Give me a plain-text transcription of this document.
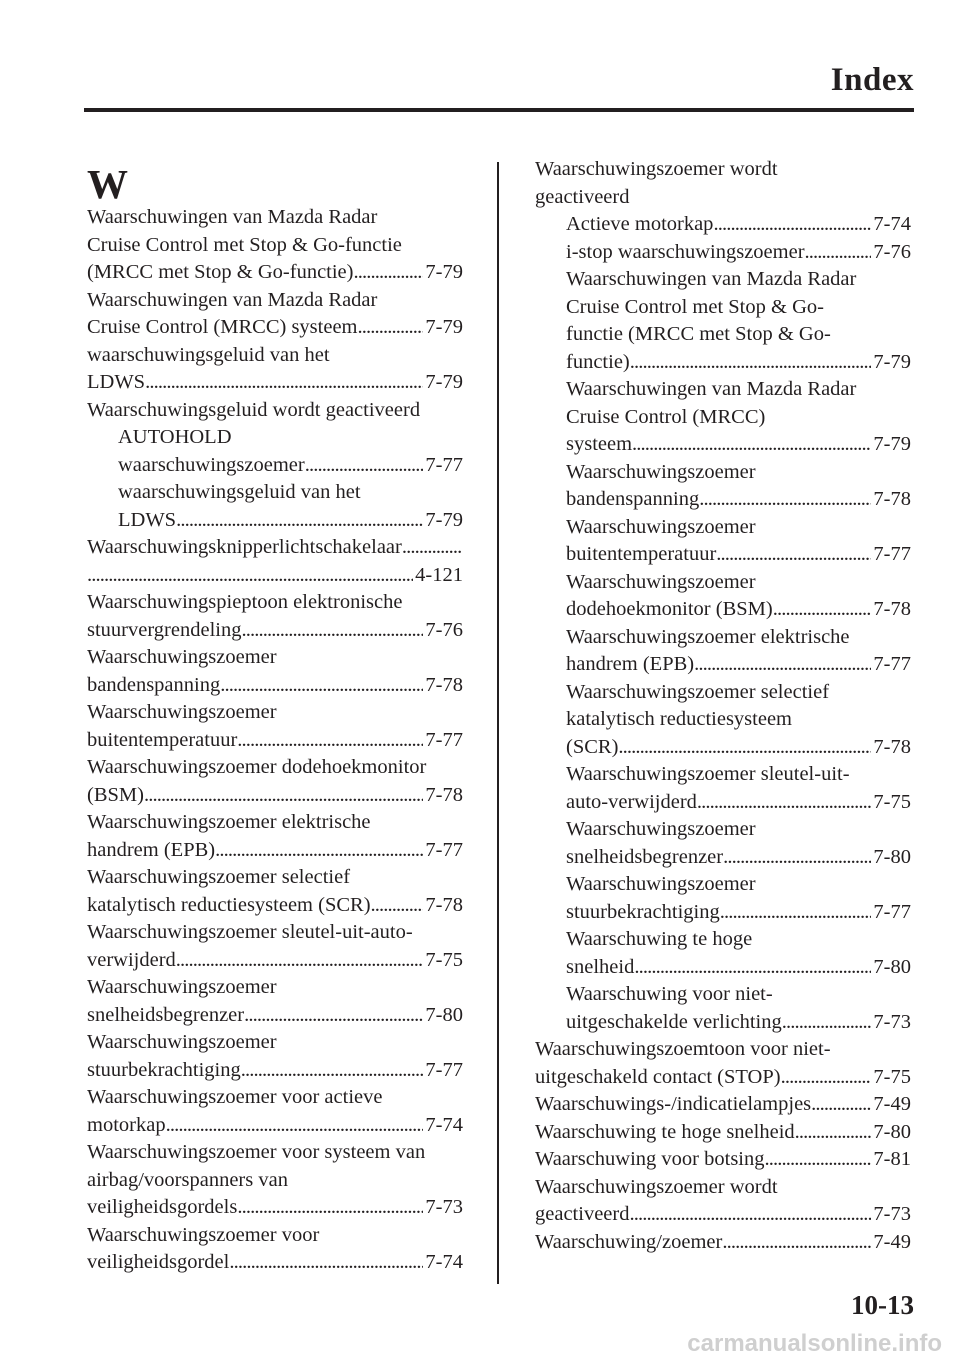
Index
W
Waarschuwingen van Mazda Radar
Cruise Control met Stop & Go-functie
(MRCC met Stop & Go-functie) . . .	7-79
Waarschuwingen van Mazda Radar
Cruise Control (MRCC) systeem . . .	7-79
waarschuwingsgeluid van het
LDWS . . .	7-79
Waarschuwingsgeluid wordt geactiveerd
AUTOHOLD
waarschuwingszoemer . . .	7-77
waarschuwingsgeluid van het
LDWS . . .	7-79
Waarschuwingsknipperlichtschakelaar
. . .
. . .
4-121
Waarschuwingspieptoon elektronische
stuurvergrendeling . . .	7-76
Waarschuwingszoemer
bandenspanning . . .	7-78
Waarschuwingszoemer
buitentemperatuur . . .	7-77
Waarschuwingszoemer dodehoekmonitor
(BSM) . . .	7-78
Waarschuwingszoemer elektrische
handrem (EPB) . . .	7-77
Waarschuwingszoemer selectief
katalytisch reductiesysteem (SCR) . . .	7-78
Waarschuwingszoemer sleutel-uit-auto-
verwijderd . . .	7-75
Waarschuwingszoemer
snelheidsbegrenzer . . .	7-80
Waarschuwingszoemer
stuurbekrachtiging . . .	7-77
Waarschuwingszoemer voor actieve
motorkap . . .	7-74
Waarschuwingszoemer voor systeem van
airbag/voorspanners van
veiligheidsgordels . . .	7-73
Waarschuwingszoemer voor
veiligheidsgordel . . .	7-74
Waarschuwingszoemer wordt
geactiveerd
Actieve motorkap . . .	7-74
i-stop waarschuwingszoemer . . .	7-76
Waarschuwingen van Mazda Radar
Cruise Control met Stop & Go-
functie (MRCC met Stop & Go-
functie) . . .	7-79
Waarschuwingen van Mazda Radar
Cruise Control (MRCC)
systeem . . .	7-79
Waarschuwingszoemer
bandenspanning . . .	7-78
Waarschuwingszoemer
buitentemperatuur . . .	7-77
Waarschuwingszoemer
dodehoekmonitor (BSM) . . .	7-78
Waarschuwingszoemer elektrische
handrem (EPB) . . .	7-77
Waarschuwingszoemer selectief
katalytisch reductiesysteem
(SCR) . . .	7-78
Waarschuwingszoemer sleutel-uit-
auto-verwijderd . . .	7-75
Waarschuwingszoemer
snelheidsbegrenzer . . .	7-80
Waarschuwingszoemer
stuurbekrachtiging . . .	7-77
Waarschuwing te hoge
snelheid . . .	7-80
Waarschuwing voor niet-
uitgeschakelde verlichting . . .	7-73
Waarschuwingszoemtoon voor niet-
uitgeschakeld contact (STOP) . . .	7-75
Waarschuwings-/indicatielampjes . . .	7-49
Waarschuwing te hoge snelheid . . .	7-80
Waarschuwing voor botsing . . .	7-81
Waarschuwingszoemer wordt
geactiveerd . . .	7-73
Waarschuwing/zoemer . . .	7-49
10-13
carmanualsonline.info
